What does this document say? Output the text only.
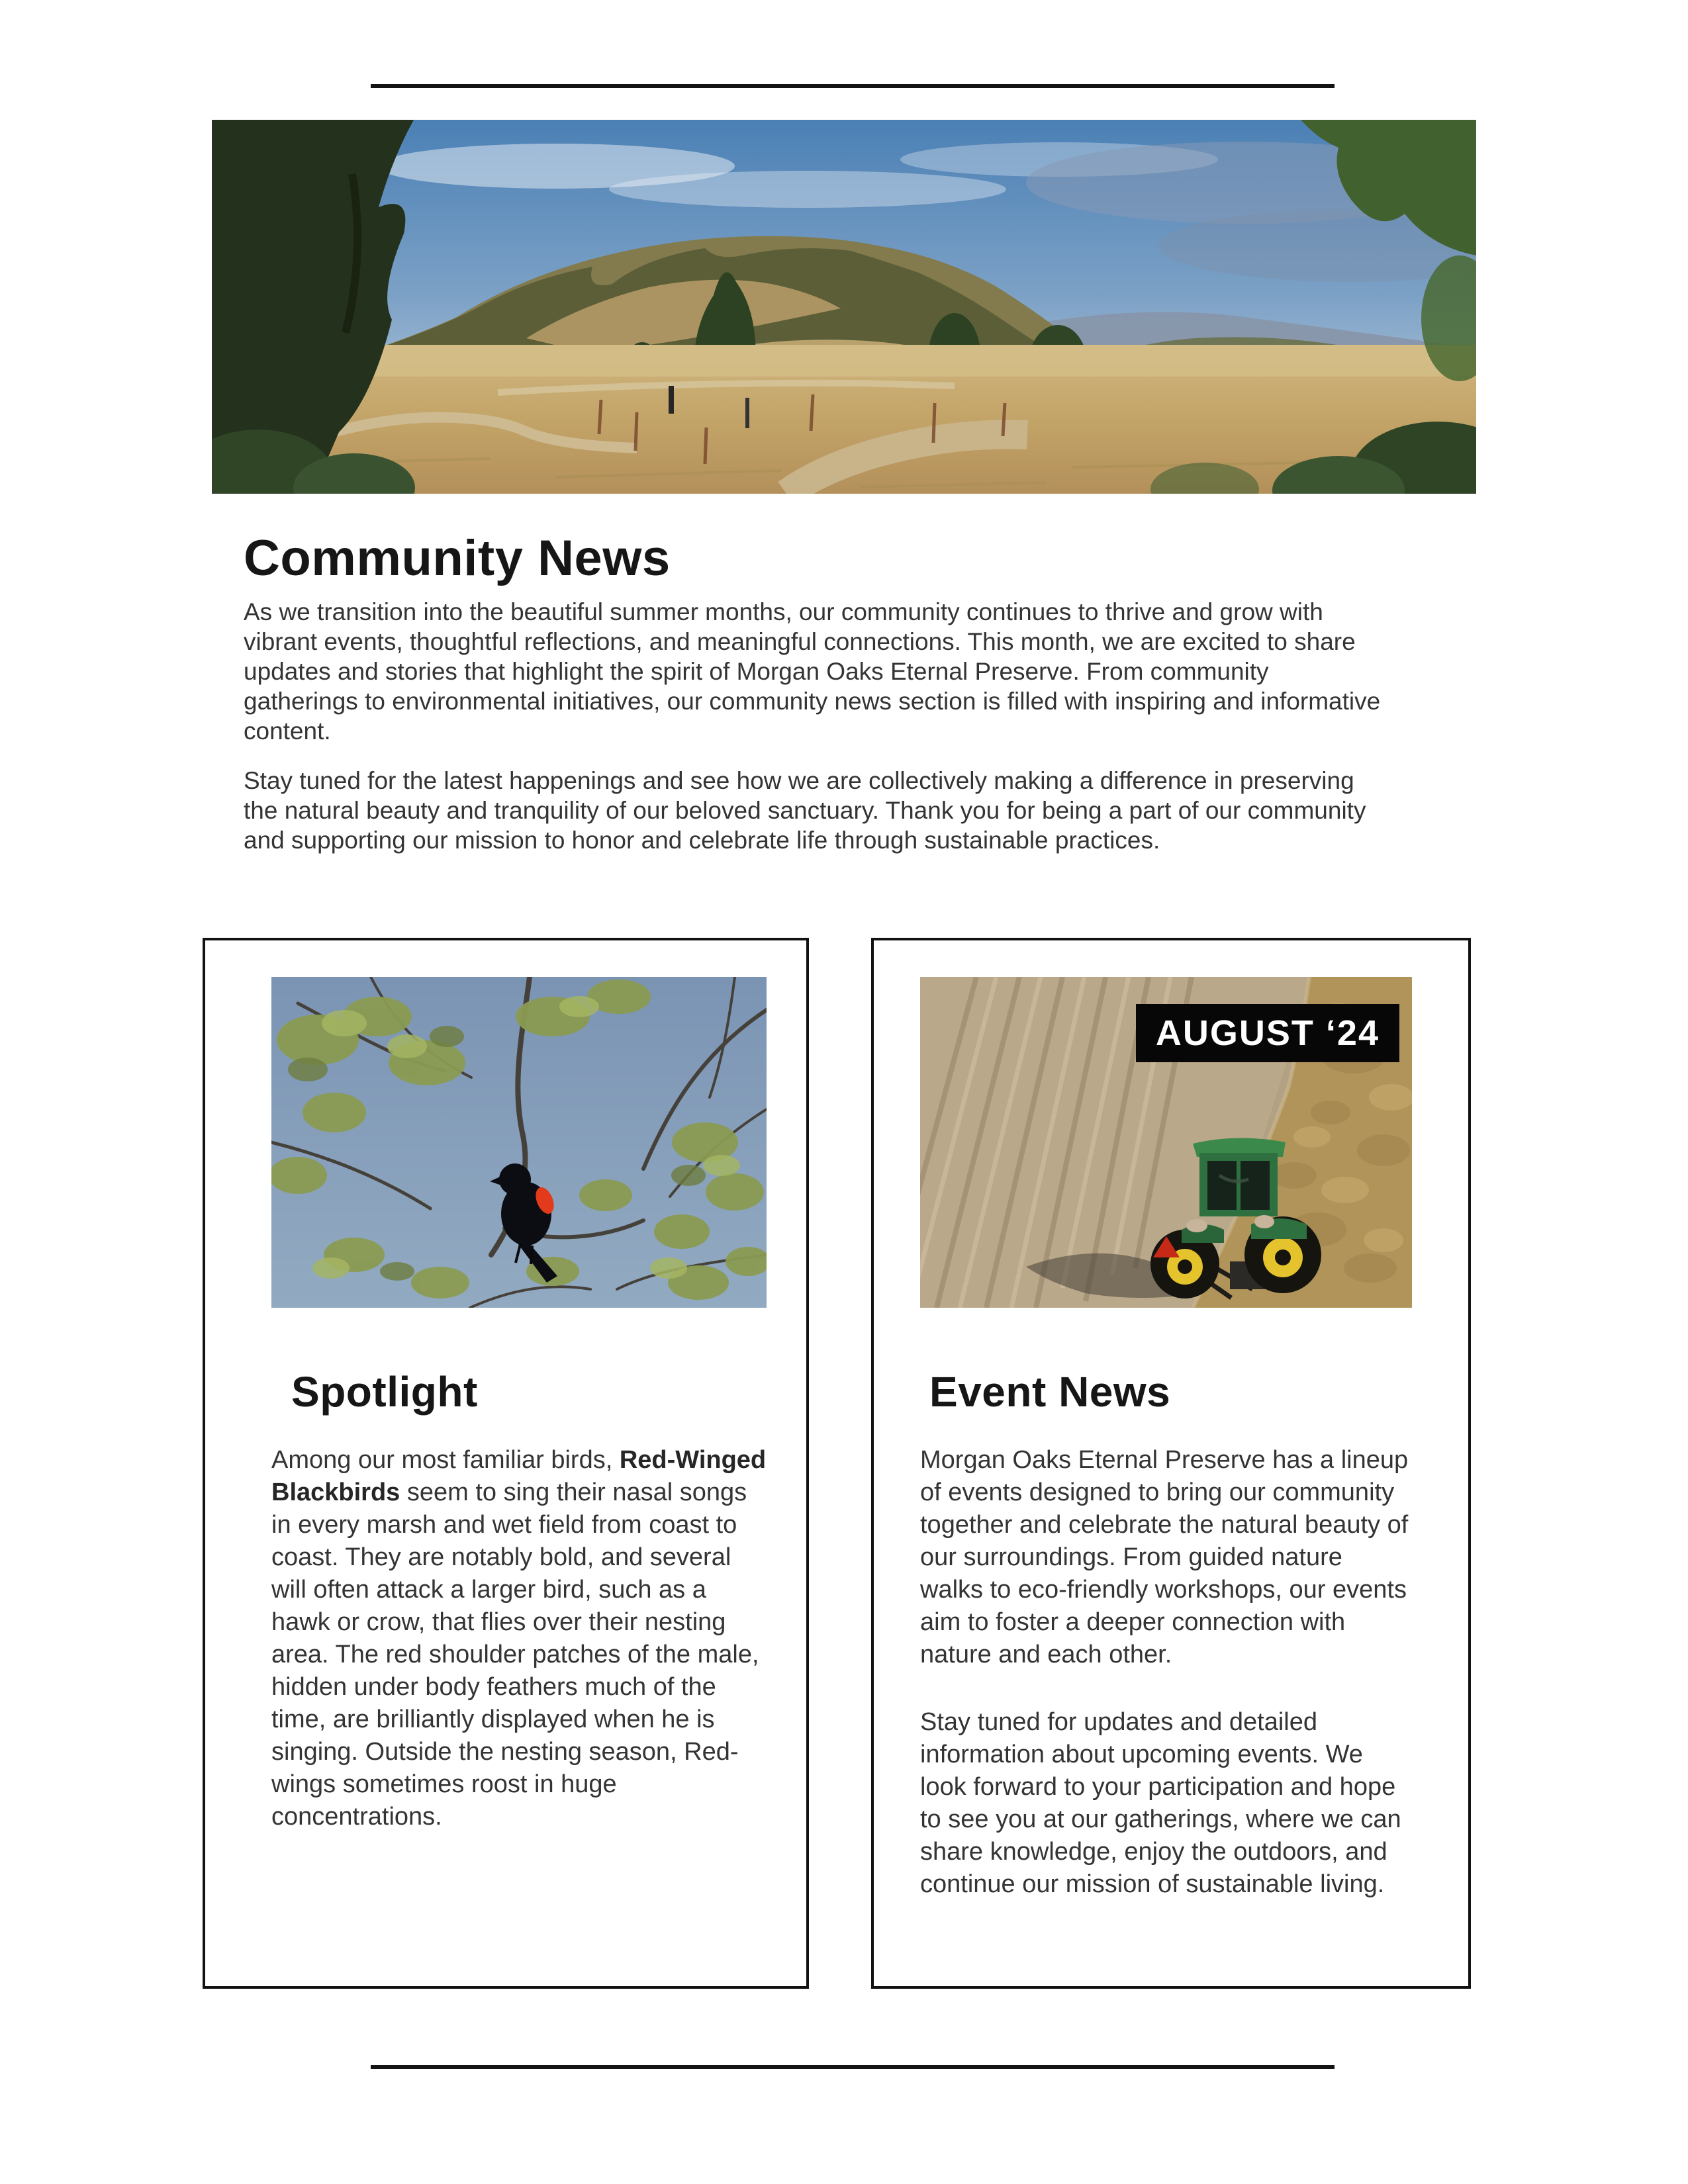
Community News

As we transition into the beautiful summer months, our community continues to thrive and grow with vibrant events, thoughtful reflections, and meaningful connections. This month, we are excited to share updates and stories that highlight the spirit of Morgan Oaks Eternal Preserve. From community gatherings to environmental initiatives, our community news section is filled with inspiring and informative content.

Stay tuned for the latest happenings and see how we are collectively making a difference in preserving the natural beauty and tranquility of our beloved sanctuary. Thank you for being a part of our community and supporting our mission to honor and celebrate life through sustainable practices.

Spotlight

Among our most familiar birds, Red-Winged Blackbirds seem to sing their nasal songs in every marsh and wet field from coast to coast. They are notably bold, and several will often attack a larger bird, such as a hawk or crow, that flies over their nesting area. The red shoulder patches of the male, hidden under body feathers much of the time, are brilliantly displayed when he is singing. Outside the nesting season, Red-wings sometimes roost in huge concentrations.

AUGUST ‘24
Event News

Morgan Oaks Eternal Preserve has a lineup of events designed to bring our community together and celebrate the natural beauty of our surroundings. From guided nature walks to eco-friendly workshops, our events aim to foster a deeper connection with nature and each other.

Stay tuned for updates and detailed information about upcoming events. We look forward to your participation and hope to see you at our gatherings, where we can share knowledge, enjoy the outdoors, and continue our mission of sustainable living.
